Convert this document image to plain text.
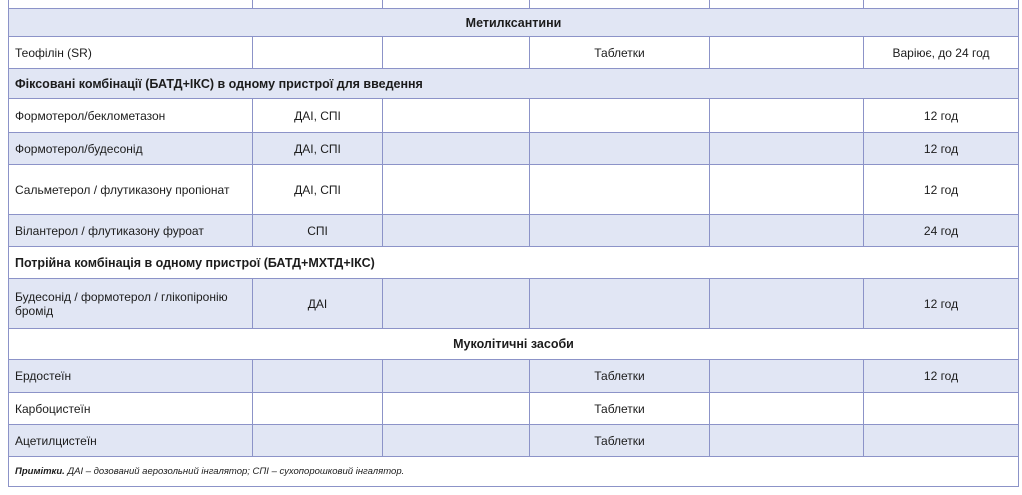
Метилксантини					
Теофілін (SR)			Таблетки		Варіює, до 24 год
Фіксовані комбінації (БАТД+ІКС) в одному пристрої для введення					
Формотерол/беклометазон	ДАІ, СПІ				12 год
Формотерол/будесонід	ДАІ, СПІ				12 год
Сальметерол / флутиказону пропіонат	ДАІ, СПІ				12 год
Вілантерол / флутиказону фуроат	СПІ				24 год
Потрійна комбінація в одному пристрої (БАТД+МХТД+ІКС)					
Будесонід / формотерол / глікопіронію бромід	ДАІ				12 год
Муколітичні засоби					
Ердостеїн			Таблетки		12 год
Карбоцистеїн			Таблетки		
Ацетилцистеїн			Таблетки		
Примітки. ДАІ – дозований аерозольний інгалятор; СПІ – сухопорошковий інгалятор.					
